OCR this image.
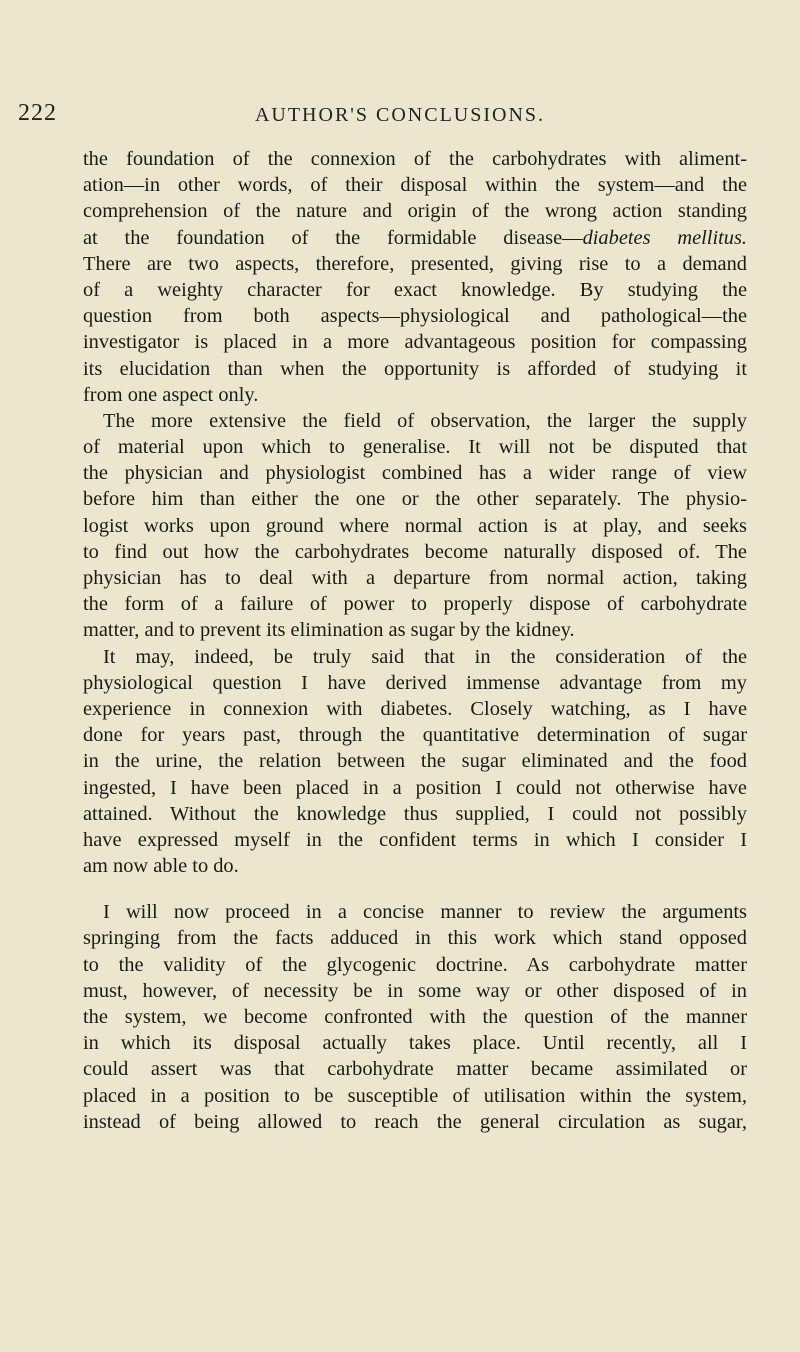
222	AUTHOR'S CONCLUSIONS.
the foundation of the connexion of the carbohydrates with aliment-
ation—in other words, of their disposal within the system—and the
comprehension of the nature and origin of the wrong action standing
at the foundation of the formidable disease—diabetes mellitus.
There are two aspects, therefore, presented, giving rise to a demand
of a weighty character for exact knowledge. By studying the
question from both aspects—physiological and pathological—the
investigator is placed in a more advantageous position for compassing
its elucidation than when the opportunity is afforded of studying it
from one aspect only.
The more extensive the field of observation, the larger the supply
of material upon which to generalise. It will not be disputed that
the physician and physiologist combined has a wider range of view
before him than either the one or the other separately. The physio-
logist works upon ground where normal action is at play, and seeks
to find out how the carbohydrates become naturally disposed of. The
physician has to deal with a departure from normal action, taking
the form of a failure of power to properly dispose of carbohydrate
matter, and to prevent its elimination as sugar by the kidney.
It may, indeed, be truly said that in the consideration of the
physiological question I have derived immense advantage from my
experience in connexion with diabetes. Closely watching, as I have
done for years past, through the quantitative determination of sugar
in the urine, the relation between the sugar eliminated and the food
ingested, I have been placed in a position I could not otherwise have
attained. Without the knowledge thus supplied, I could not possibly
have expressed myself in the confident terms in which I consider I
am now able to do.
I will now proceed in a concise manner to review the arguments
springing from the facts adduced in this work which stand opposed
to the validity of the glycogenic doctrine. As carbohydrate matter
must, however, of necessity be in some way or other disposed of in
the system, we become confronted with the question of the manner
in which its disposal actually takes place. Until recently, all I
could assert was that carbohydrate matter became assimilated or
placed in a position to be susceptible of utilisation within the system,
instead of being allowed to reach the general circulation as sugar,
